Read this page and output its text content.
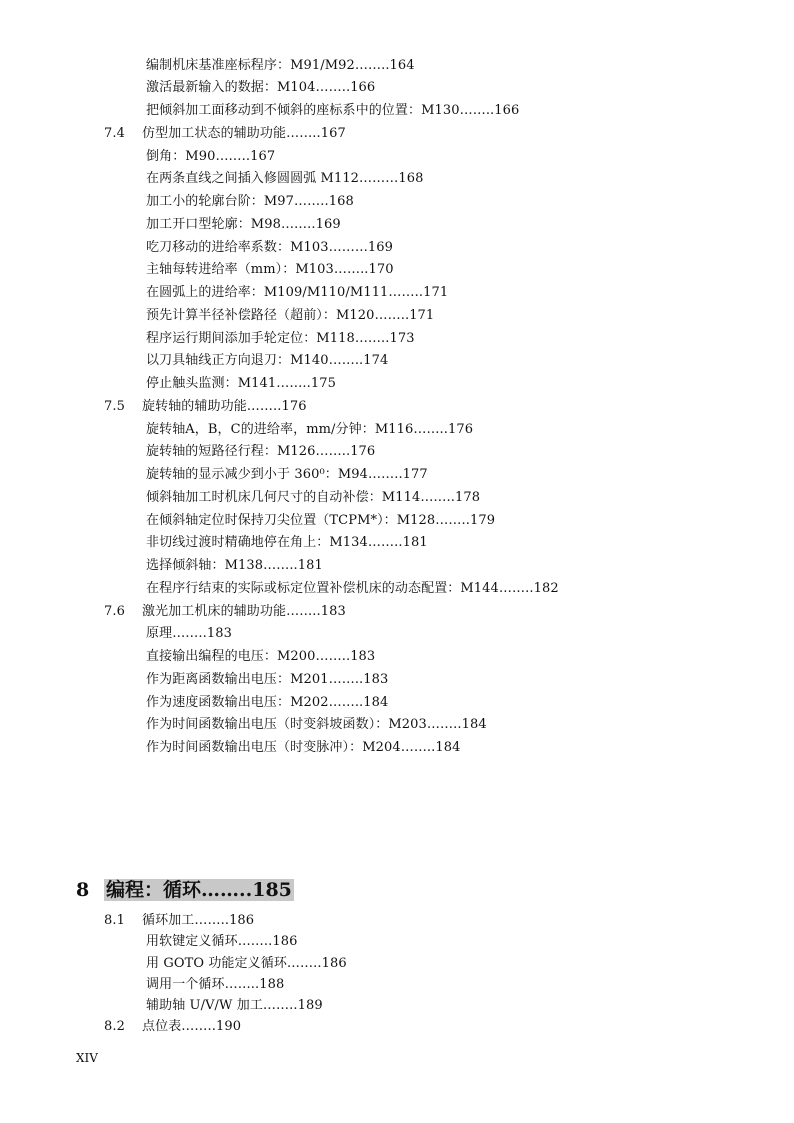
编制机床基准座标程序：M91/M92……..164
激活最新输入的数据：M104……..166
把倾斜加工面移动到不倾斜的座标系中的位置：M130……..166
7.4 仿型加工状态的辅助功能……..167
倒角：M90……..167
在两条直线之间插入修圆圆弧 M112………168
加工小的轮廓台阶：M97……..168
加工开口型轮廓：M98……..169
吃刀移动的进给率系数：M103………169
主轴每转进给率（mm）：M103……..170
在圆弧上的进给率：M109/M110/M111……..171
预先计算半径补偿路径（超前）：M120……..171
程序运行期间添加手轮定位：M118……..173
以刀具轴线正方向退刀：M140……..174
停止触头监测：M141……..175
7.5 旋转轴的辅助功能……..176
旋转轴A，B，C的进给率，mm/分钟：M116……..176
旋转轴的短路径行程：M126……..176
旋转轴的显示减少到小于 360⁰：M94……..177
倾斜轴加工时机床几何尺寸的自动补偿：M114……..178
在倾斜轴定位时保持刀尖位置（TCPM*）：M128……..179
非切线过渡时精确地停在角上：M134……..181
选择倾斜轴：M138……..181
在程序行结束的实际或标定位置补偿机床的动态配置：M144……..182
7.6 激光加工机床的辅助功能……..183
原理……..183
直接输出编程的电压：M200……..183
作为距离函数输出电压：M201……..183
作为速度函数输出电压：M202……..184
作为时间函数输出电压（时变斜坡函数）：M203……..184
作为时间函数输出电压（时变脉冲）：M204……..184
8 编程：循环……..185
8.1 循环加工……..186
用软键定义循环……..186
用 GOTO 功能定义循环……..186
调用一个循环……..188
辅助轴 U/V/W 加工……..189
8.2 点位表……..190
XIV
